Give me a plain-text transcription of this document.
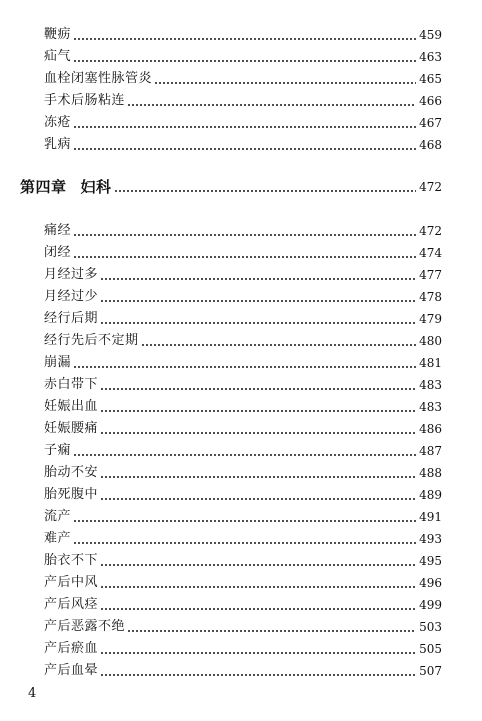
鞭疬	459
疝气	463
血栓闭塞性脉管炎	465
手术后肠粘连	466
冻疮	467
乳病	468
第四章 妇科	472
痛经	472
闭经	474
月经过多	477
月经过少	478
经行后期	479
经行先后不定期	480
崩漏	481
赤白带下	483
妊娠出血	483
妊娠腰痛	486
子痫	487
胎动不安	488
胎死腹中	489
流产	491
难产	493
胎衣不下	495
产后中风	496
产后风痉	499
产后恶露不绝	503
产后瘀血	505
产后血晕	507
4
